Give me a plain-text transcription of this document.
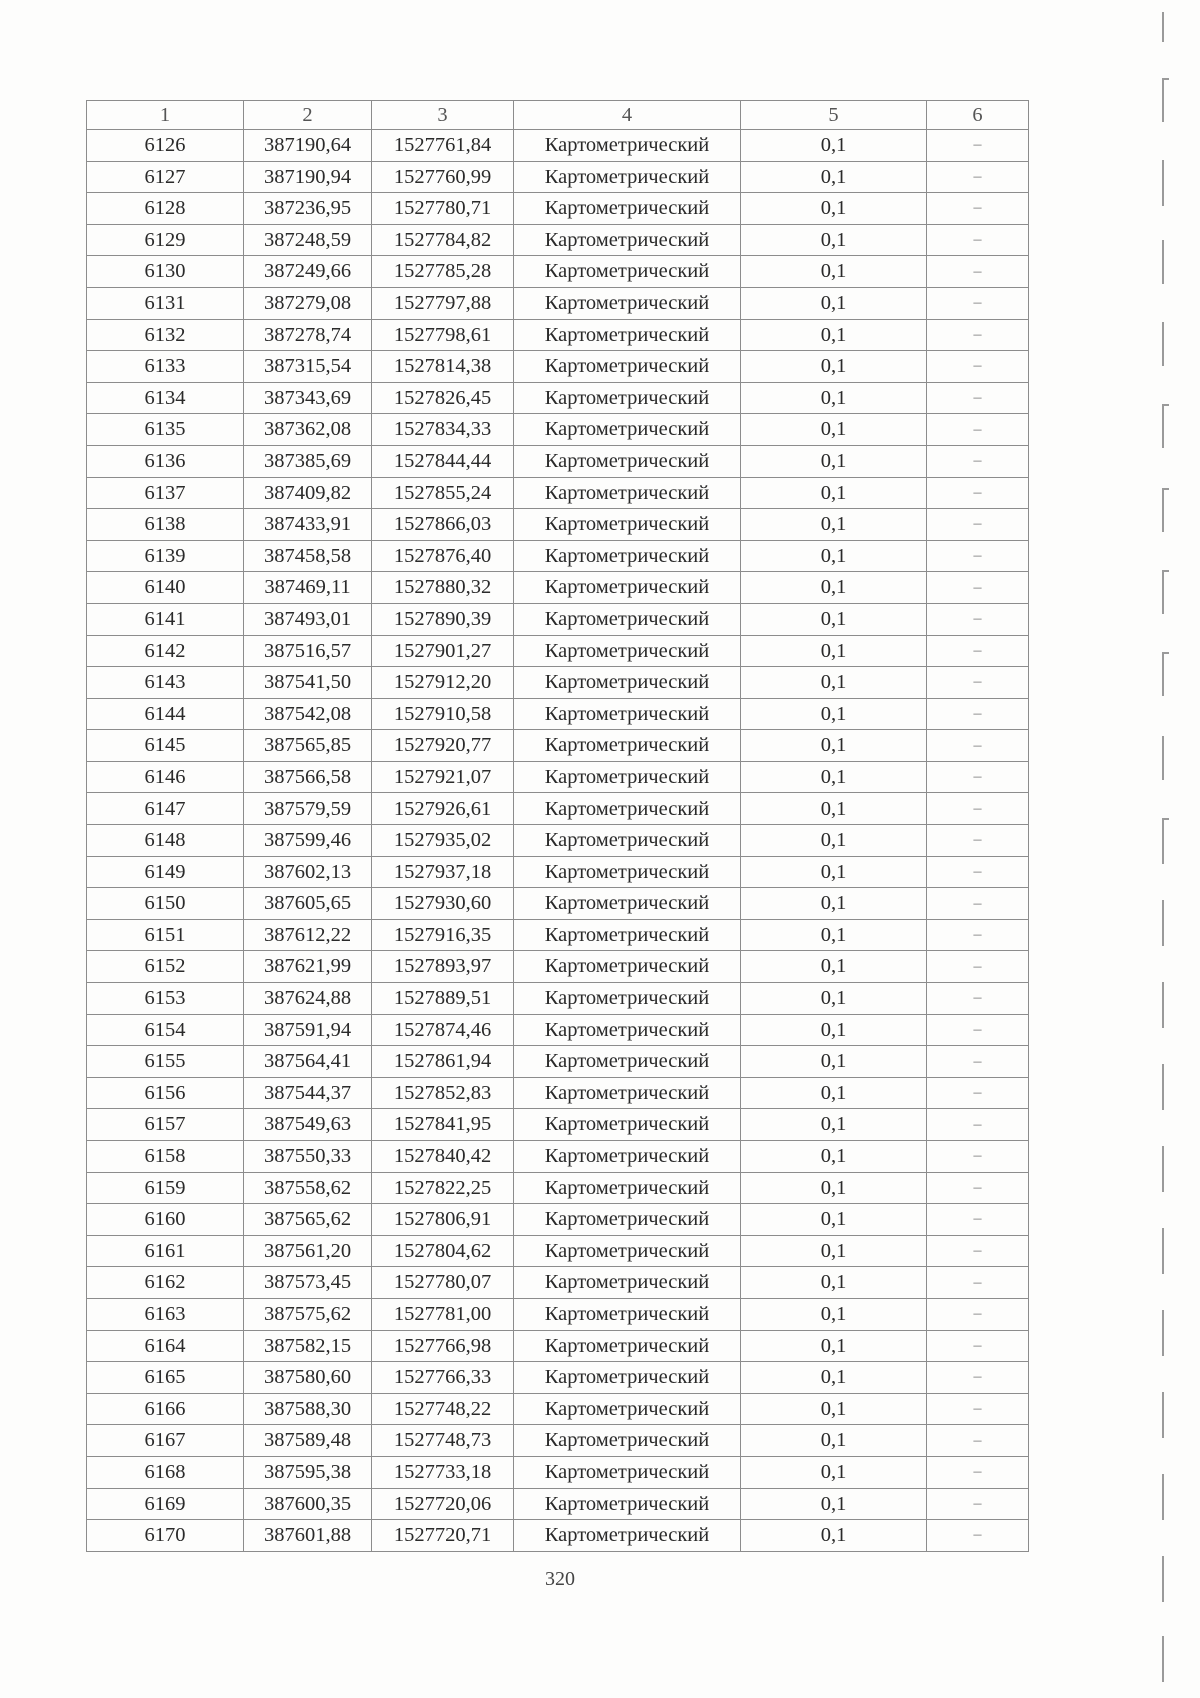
1	2	3	4	5	6
6126	387190,64	1527761,84	Картометрический	0,1	–
6127	387190,94	1527760,99	Картометрический	0,1	–
6128	387236,95	1527780,71	Картометрический	0,1	–
6129	387248,59	1527784,82	Картометрический	0,1	–
6130	387249,66	1527785,28	Картометрический	0,1	–
6131	387279,08	1527797,88	Картометрический	0,1	–
6132	387278,74	1527798,61	Картометрический	0,1	–
6133	387315,54	1527814,38	Картометрический	0,1	–
6134	387343,69	1527826,45	Картометрический	0,1	–
6135	387362,08	1527834,33	Картометрический	0,1	–
6136	387385,69	1527844,44	Картометрический	0,1	–
6137	387409,82	1527855,24	Картометрический	0,1	–
6138	387433,91	1527866,03	Картометрический	0,1	–
6139	387458,58	1527876,40	Картометрический	0,1	–
6140	387469,11	1527880,32	Картометрический	0,1	–
6141	387493,01	1527890,39	Картометрический	0,1	–
6142	387516,57	1527901,27	Картометрический	0,1	–
6143	387541,50	1527912,20	Картометрический	0,1	–
6144	387542,08	1527910,58	Картометрический	0,1	–
6145	387565,85	1527920,77	Картометрический	0,1	–
6146	387566,58	1527921,07	Картометрический	0,1	–
6147	387579,59	1527926,61	Картометрический	0,1	–
6148	387599,46	1527935,02	Картометрический	0,1	–
6149	387602,13	1527937,18	Картометрический	0,1	–
6150	387605,65	1527930,60	Картометрический	0,1	–
6151	387612,22	1527916,35	Картометрический	0,1	–
6152	387621,99	1527893,97	Картометрический	0,1	–
6153	387624,88	1527889,51	Картометрический	0,1	–
6154	387591,94	1527874,46	Картометрический	0,1	–
6155	387564,41	1527861,94	Картометрический	0,1	–
6156	387544,37	1527852,83	Картометрический	0,1	–
6157	387549,63	1527841,95	Картометрический	0,1	–
6158	387550,33	1527840,42	Картометрический	0,1	–
6159	387558,62	1527822,25	Картометрический	0,1	–
6160	387565,62	1527806,91	Картометрический	0,1	–
6161	387561,20	1527804,62	Картометрический	0,1	–
6162	387573,45	1527780,07	Картометрический	0,1	–
6163	387575,62	1527781,00	Картометрический	0,1	–
6164	387582,15	1527766,98	Картометрический	0,1	–
6165	387580,60	1527766,33	Картометрический	0,1	–
6166	387588,30	1527748,22	Картометрический	0,1	–
6167	387589,48	1527748,73	Картометрический	0,1	–
6168	387595,38	1527733,18	Картометрический	0,1	–
6169	387600,35	1527720,06	Картометрический	0,1	–
6170	387601,88	1527720,71	Картометрический	0,1	–
320
